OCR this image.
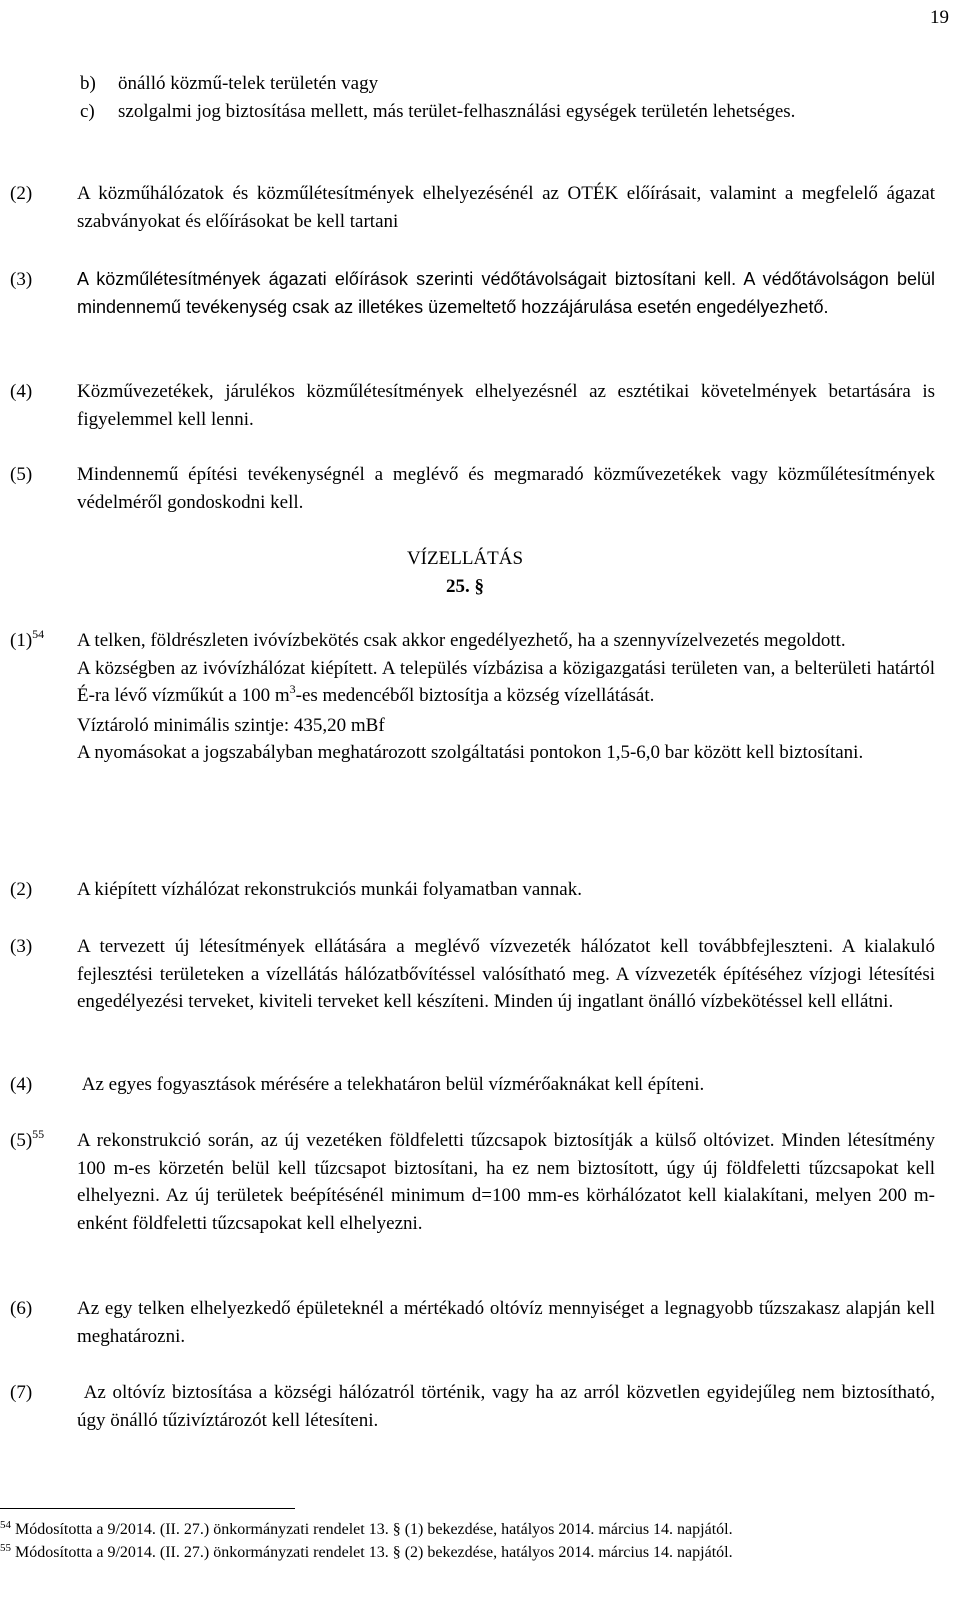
19
b) önálló közmű-telek területén vagy
c) szolgalmi jog biztosítása mellett, más terület-felhasználási egységek területén lehetséges.
(2) A közműhálózatok és közműlétesítmények elhelyezésénél az OTÉK előírásait, valamint a megfelelő ágazat szabványokat és előírásokat be kell tartani
(3) A közműlétesítmények ágazati előírások szerinti védőtávolságait biztosítani kell. A védőtávolságon belül mindennemű tevékenység csak az illetékes üzemeltető hozzájárulása esetén engedélyezhető.
(4) Közművezetékek, járulékos közműlétesítmények elhelyezésnél az esztétikai követelmények betartására is figyelemmel kell lenni.
(5) Mindennemű építési tevékenységnél a meglévő és megmaradó közművezetékek vagy közműlétesítmények védelméről gondoskodni kell.
VÍZELLÁTÁS
25. §
$(1)^{54}$ A telken, földrészleten ivóvízbekötés csak akkor engedélyezhető, ha a szennyvízelvezetés megoldott.

A községben az ivóvízhálózat kiépített. A település vízbázisa a közigazgatási területen van, a belterületi határtól É-ra lévő vízműkút a 100 $m^3-es$ medencéből biztosítja a község vízellátását.

Víztároló minimális szintje: 435,20 mBf

A nyomásokat a jogszabályban meghatározott szolgáltatási pontokon 1,5-6,0 bar között kell biztosítani.

(2) A kiépített vízhálózat rekonstrukciós munkái folyamatban vannak.
(3) A tervezett új létesítmények ellátására a meglévő vízvezeték hálózatot kell továbbfejleszteni. A kialakuló fejlesztési területeken a vízellátás hálózatbővítéssel valósítható meg. A vízvezeték építéséhez vízjogi létesítési engedélyezési terveket, kiviteli terveket kell készíteni. Minden új ingatlant önálló vízbekötéssel kell ellátni.
(4) Az egyes fogyasztások mérésére a telekhatáron belül vízmérőaknákat kell építeni.
$(5)^{55}$ A rekonstrukció során, az új vezetéken földfeletti tűzcsapok biztosítják a külső oltóvizet. Minden létesítmény 100 m-es körzetén belül kell tűzcsapot biztosítani, ha ez nem biztosított, úgy új földfeletti tűzcsapokat kell elhelyezni. Az új területek beépítésénél minimum d=100 mm-es körhálózatot kell kialakítani, melyen 200 m-enként földfeletti tűzcsapokat kell elhelyezni.
(6) Az egy telken elhelyezkedő épületeknél a mértékadó oltóvíz mennyiséget a legnagyobb tűzszakasz alapján kell meghatározni.
(7) Az oltóvíz biztosítása a községi hálózatról történik, vagy ha az arról közvetlen egyidejűleg nem biztosítható, úgy önálló tűzivíztározót kell létesíteni.
$^{54}$ Módosította a 9/2014. (II. 27.) önkormányzati rendelet 13. § (1) bekezdése, hatályos 2014. március 14. napjától.
$^{55}$ Módosította a 9/2014. (II. 27.) önkormányzati rendelet 13. § (2) bekezdése, hatályos 2014. március 14. napjától.
